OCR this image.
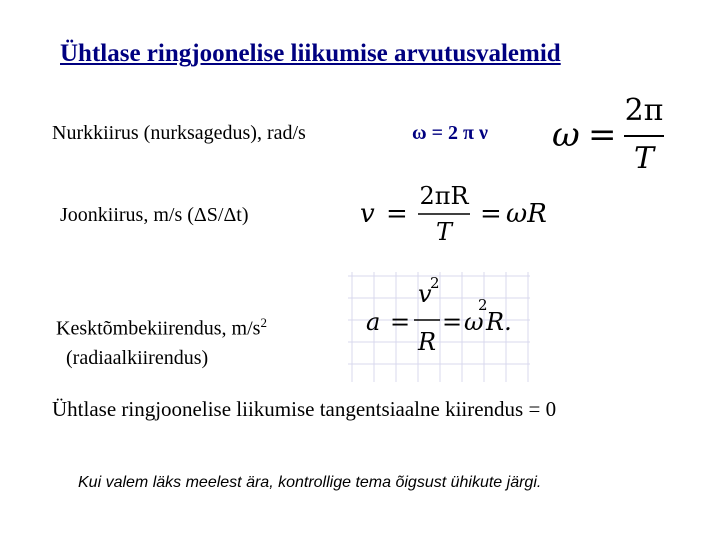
Ühtlase ringjoonelise liikumise arvutusvalemid
Nurkkiirus (nurksagedus), rad/s	ω = 2 π ν ω =
2π
T
Joonkiirus, m/s (ΔS/Δt)	v =
2πR
T
= ωR
Kesktõmbekiirendus, $m/s^2$
(radiaalkiirendus)
a =
v
2
R
= ω
2
R.
Ühtlase ringjoonelise liikumise tangentsiaalne kiirendus = 0
Kui valem läks meelest ära, kontrollige tema õigsust ühikute järgi.
